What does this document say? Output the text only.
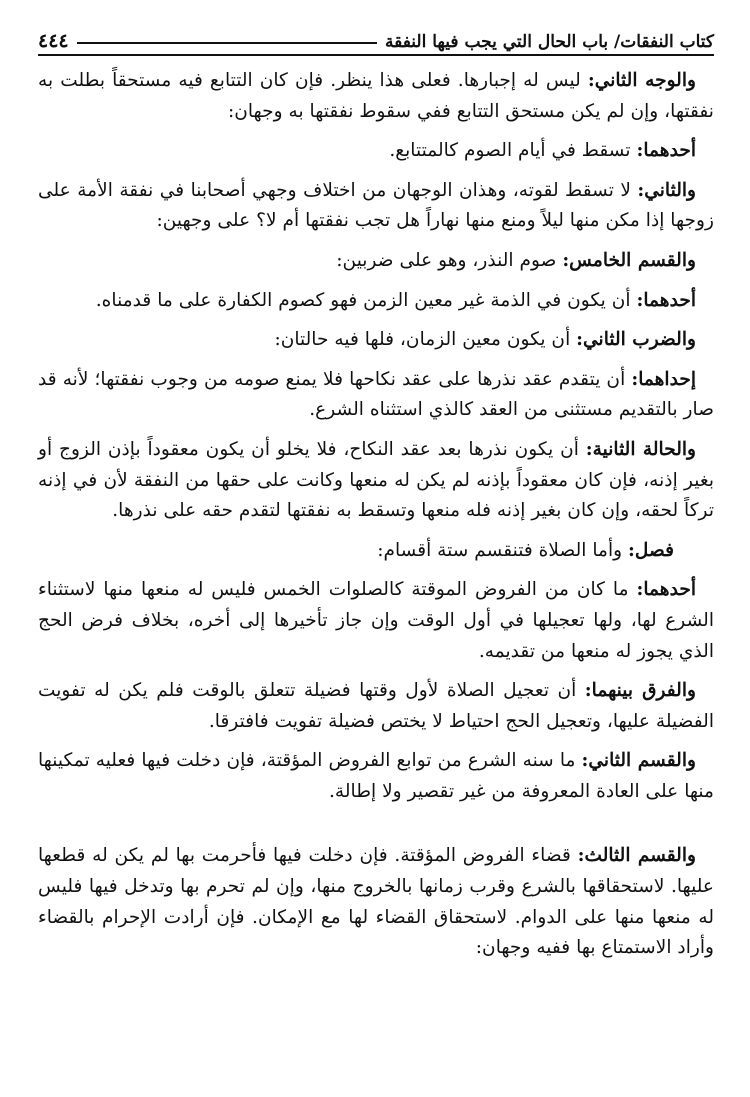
كتاب النفقات/ باب الحال التي يجب فيها النفقة
٤٤٤

والوجه الثاني: ليس له إجبارها. فعلى هذا ينظر. فإن كان التتابع فيه مستحقاً بطلت به نفقتها، وإن لم يكن مستحق التتابع ففي سقوط نفقتها به وجهان:

أحدهما: تسقط في أيام الصوم كالمتتابع.

والثاني: لا تسقط لقوته، وهذان الوجهان من اختلاف وجهي أصحابنا في نفقة الأمة على زوجها إذا مكن منها ليلاً ومنع منها نهاراً هل تجب نفقتها أم لا؟ على وجهين:

والقسم الخامس: صوم النذر، وهو على ضربين:

أحدهما: أن يكون في الذمة غير معين الزمن فهو كصوم الكفارة على ما قدمناه.

والضرب الثاني: أن يكون معين الزمان، فلها فيه حالتان:

إحداهما: أن يتقدم عقد نذرها على عقد نكاحها فلا يمنع صومه من وجوب نفقتها؛ لأنه قد صار بالتقديم مستثنى من العقد كالذي استثناه الشرع.

والحالة الثانية: أن يكون نذرها بعد عقد النكاح، فلا يخلو أن يكون معقوداً بإذن الزوج أو بغير إذنه، فإن كان معقوداً بإذنه لم يكن له منعها وكانت على حقها من النفقة لأن في إذنه تركاً لحقه، وإن كان بغير إذنه فله منعها وتسقط به نفقتها لتقدم حقه على نذرها.

فصل: وأما الصلاة فتنقسم ستة أقسام:

أحدهما: ما كان من الفروض الموقتة كالصلوات الخمس فليس له منعها منها لاستثناء الشرع لها، ولها تعجيلها في أول الوقت وإن جاز تأخيرها إلى أخره، بخلاف فرض الحج الذي يجوز له منعها من تقديمه.

والفرق بينهما: أن تعجيل الصلاة لأول وقتها فضيلة تتعلق بالوقت فلم يكن له تفويت الفضيلة عليها، وتعجيل الحج احتياط لا يختص فضيلة تفويت فافترقا.

والقسم الثاني: ما سنه الشرع من توابع الفروض المؤقتة، فإن دخلت فيها فعليه تمكينها منها على العادة المعروفة من غير تقصير ولا إطالة.

والقسم الثالث: قضاء الفروض المؤقتة. فإن دخلت فيها فأحرمت بها لم يكن له قطعها عليها. لاستحقاقها بالشرع وقرب زمانها بالخروج منها، وإن لم تحرم بها وتدخل فيها فليس له منعها منها على الدوام. لاستحقاق القضاء لها مع الإمكان. فإن أرادت الإحرام بالقضاء وأراد الاستمتاع بها ففيه وجهان:
